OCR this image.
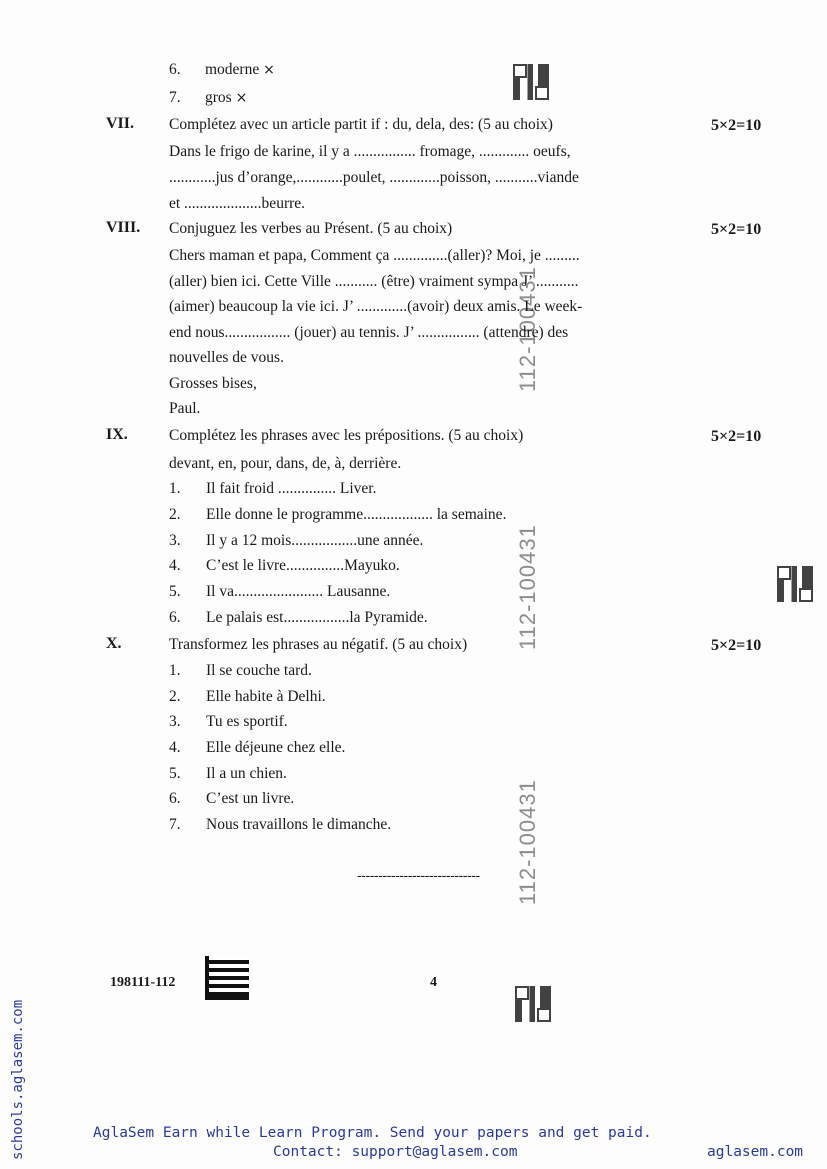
112-100431
112-100431
112-100431
6. moderne ×
7. gros ×
VII. Complétez avec un article partit if : du, dela, des: (5 au choix)	5×2=10
Dans le frigo de karine, il y a ................ fromage, ............. oeufs,
............jus d’orange,............poulet, .............poisson, ...........viande
et ....................beurre.
VIII. Conjuguez les verbes au Présent. (5 au choix)	5×2=10
Chers maman et papa, Comment ça ..............(aller)? Moi, je .........
(aller) bien ici. Cette Ville ........... (être) vraiment sympa J’ ...........
(aimer) beaucoup la vie ici. J’ .............(avoir) deux amis. Le week-
end nous................. (jouer) au tennis. J’ ................ (attendre) des
nouvelles de vous.
Grosses bises,
Paul.
IX.	Complétez les phrases avec les prépositions. (5 au choix)	5×2=10
devant, en, pour, dans, de, à, derrière.
1. Il fait froid ............... Liver.
2. Elle donne le programme.................. la semaine.
3. Il y a 12 mois.................une année.
4. C’est le livre...............Mayuko.
5. Il va....................... Lausanne.
6. Le palais est.................la Pyramide.
X.	Transformez les phrases au négatif. (5 au choix)	5×2=10
1. Il se couche tard.
2. Elle habite à Delhi.
3. Tu es sportif.
4. Elle déjeune chez elle.
5. Il a un chien.
6. C’est un livre.
7. Nous travaillons le dimanche.
-----------------------------
198111-112	4
schools.aglasem.com	AglaSem Earn while Learn Program. Send your papers and get paid.
Contact: support@aglasem.com	aglasem.com
